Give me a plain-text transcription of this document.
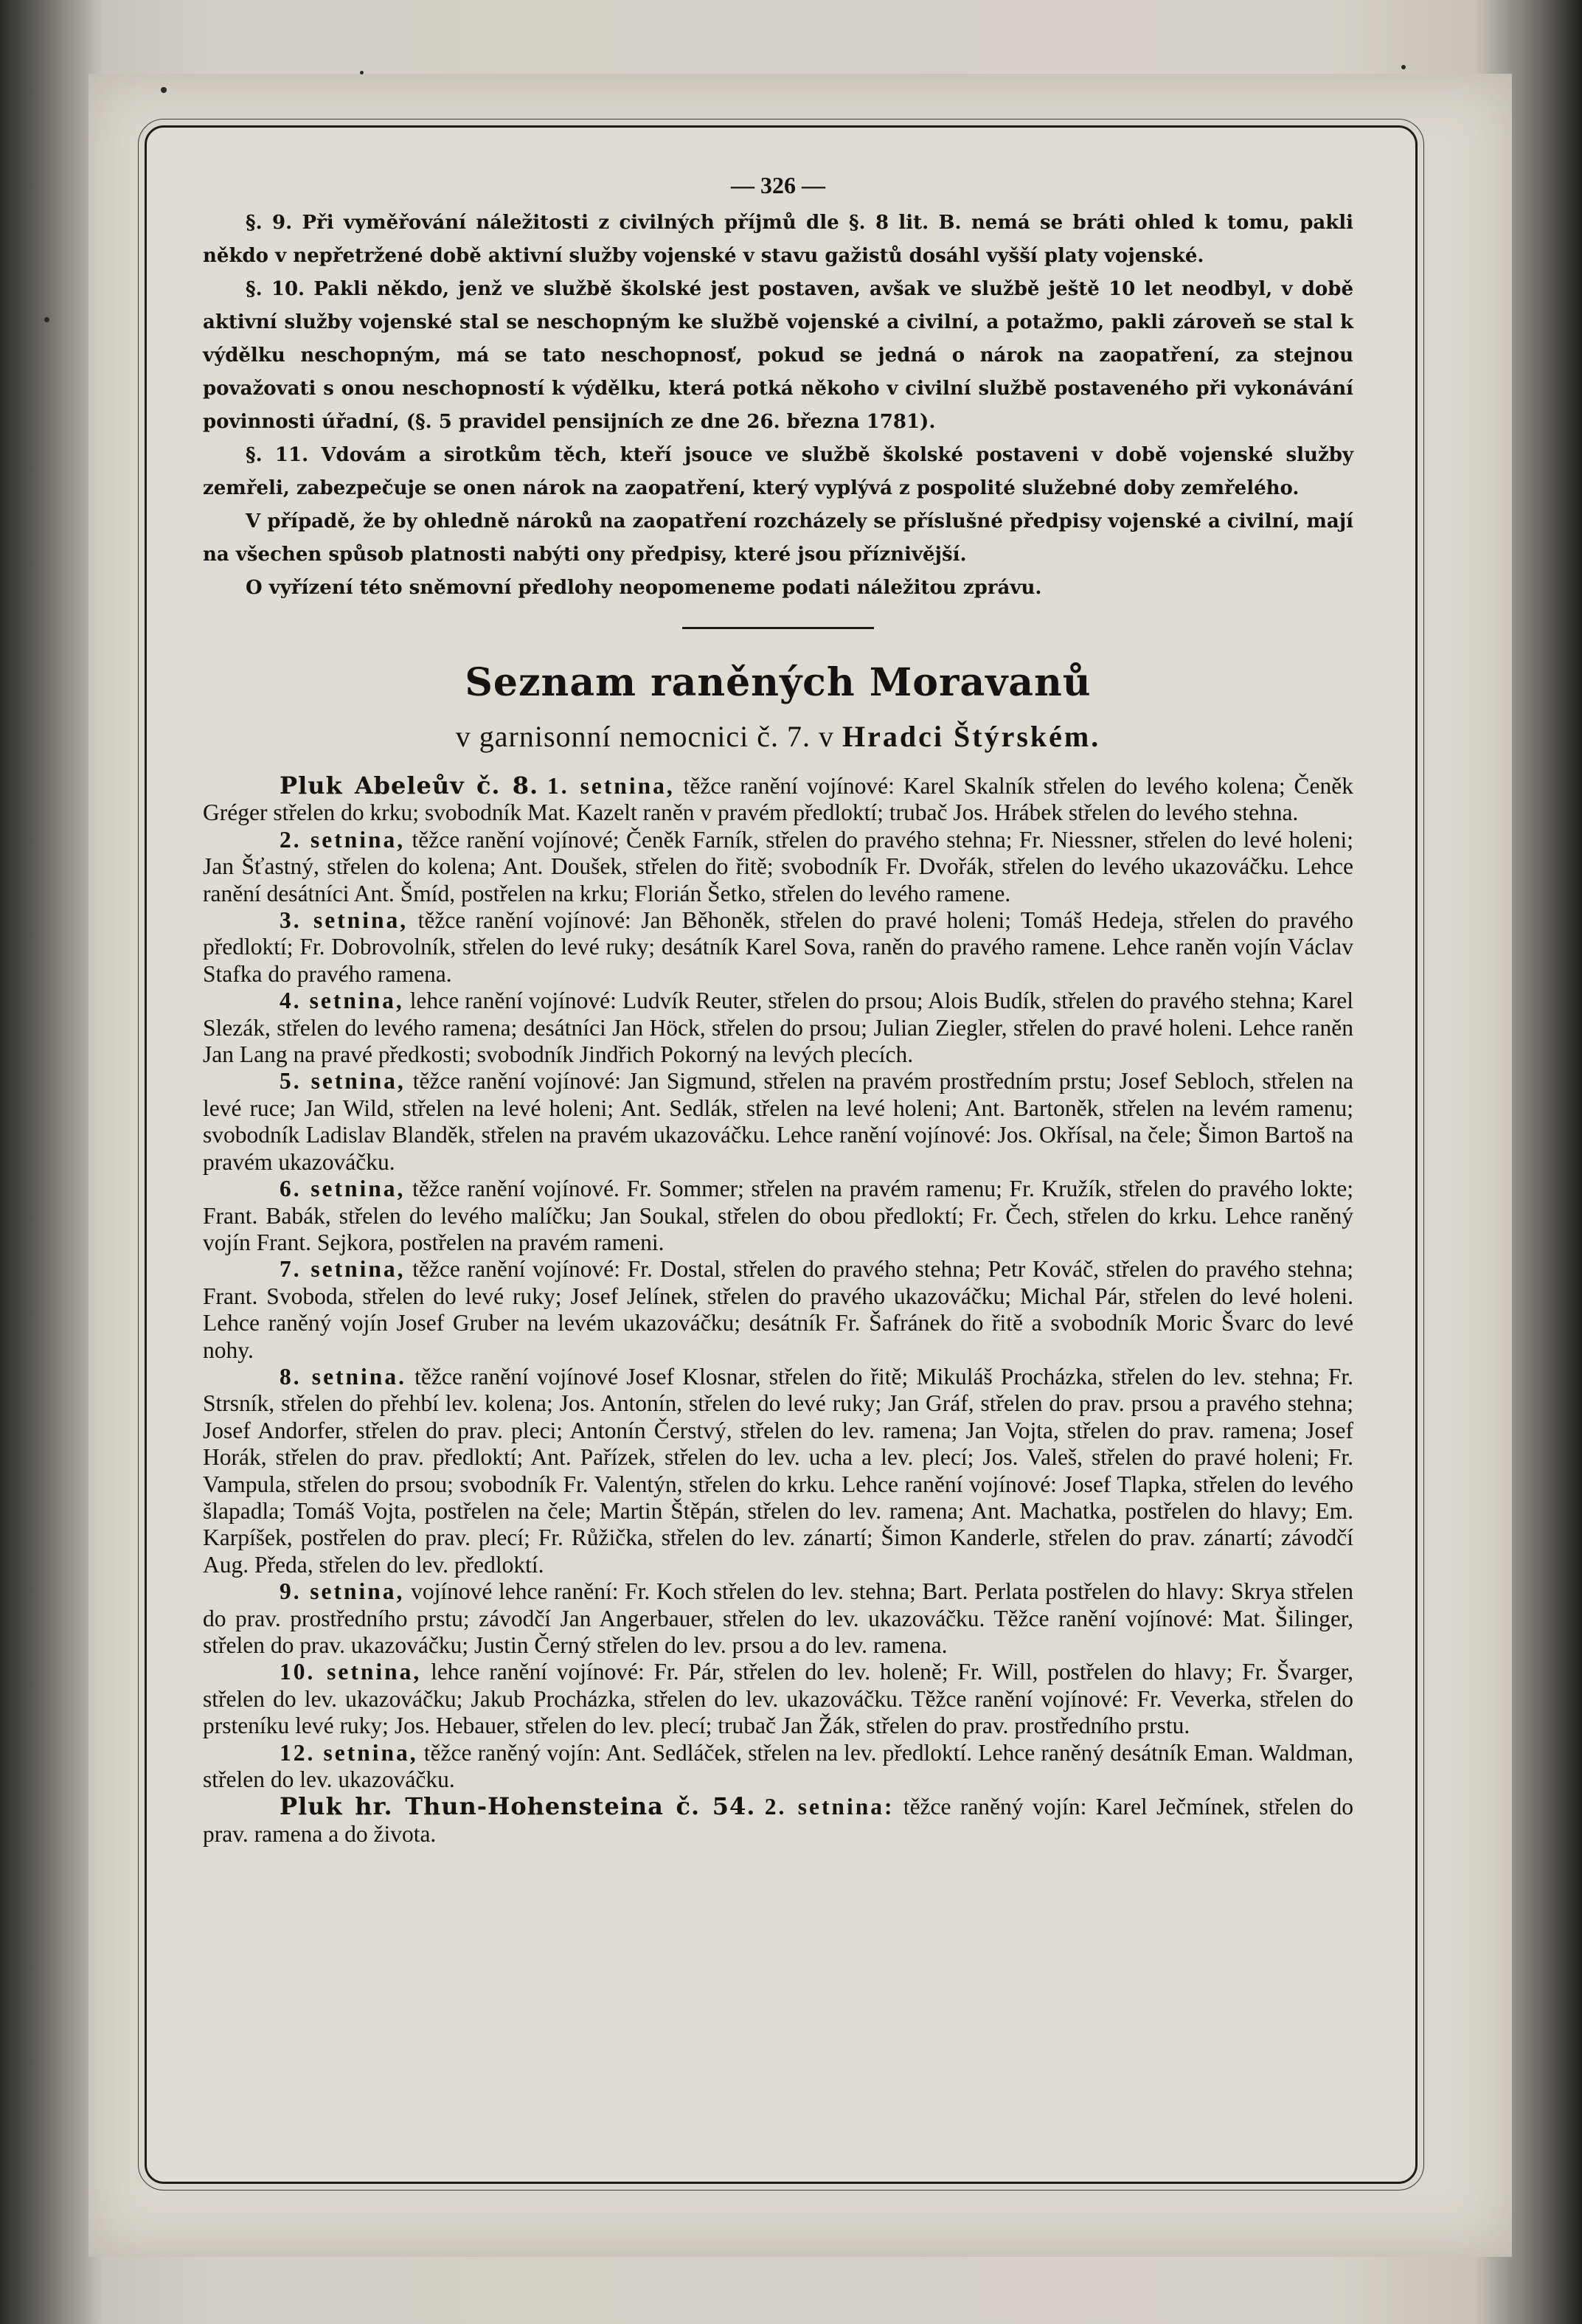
— 326 —

§. 9. Při vyměřování náležitosti z civilných příjmů dle §. 8 lit. B. nemá se bráti ohled k tomu, pakli někdo v nepřetržené době aktivní služby vojenské v stavu gažistů dosáhl vyšší platy vojenské.

§. 10. Pakli někdo, jenž ve službě školské jest postaven, avšak ve službě ještě 10 let neodbyl, v době aktivní služby vojenské stal se neschopným ke službě vojenské a civilní, a potažmo, pakli zároveň se stal k výdělku neschopným, má se tato neschopnosť, pokud se jedná o nárok na zaopatření, za stejnou považovati s onou neschopností k výdělku, která potká někoho v civilní službě postaveného při vykonávání povinnosti úřadní, (§. 5 pravidel pensijních ze dne 26. března 1781).

§. 11. Vdovám a sirotkům těch, kteří jsouce ve službě školské postaveni v době vojenské služby zemřeli, zabezpečuje se onen nárok na zaopatření, který vyplývá z pospolité služebné doby zemřelého.

V případě, že by ohledně nároků na zaopatření rozcházely se příslušné předpisy vojenské a civilní, mají na všechen spůsob platnosti nabýti ony předpisy, které jsou příznivější.

O vyřízení této sněmovní předlohy neopomeneme podati náležitou zprávu.

Seznam raněných Moravanů
v garnisonní nemocnici č. 7. v Hradci Štýrském.

Pluk Abeleův č. 8. 1. setnina, těžce ranění vojínové: Karel Skalník střelen do levého kolena; Čeněk Gréger střelen do krku; svobodník Mat. Kazelt raněn v pravém předloktí; trubač Jos. Hrábek střelen do levého stehna.

2. setnina, těžce ranění vojínové; Čeněk Farník, střelen do pravého stehna; Fr. Niessner, střelen do levé holeni; Jan Šťastný, střelen do kolena; Ant. Doušek, střelen do řitě; svobodník Fr. Dvořák, střelen do levého ukazováčku. Lehce ranění desátníci Ant. Šmíd, postřelen na krku; Florián Šetko, střelen do levého ramene.

3. setnina, těžce ranění vojínové: Jan Běhoněk, střelen do pravé holeni; Tomáš Hedeja, střelen do pravého předloktí; Fr. Dobrovolník, střelen do levé ruky; desátník Karel Sova, raněn do pravého ramene. Lehce raněn vojín Václav Stafka do pravého ramena.

4. setnina, lehce ranění vojínové: Ludvík Reuter, střelen do prsou; Alois Budík, střelen do pravého stehna; Karel Slezák, střelen do levého ramena; desátníci Jan Höck, střelen do prsou; Julian Ziegler, střelen do pravé holeni. Lehce raněn Jan Lang na pravé předkosti; svobodník Jindřich Pokorný na levých plecích.

5. setnina, těžce ranění vojínové: Jan Sigmund, střelen na pravém prostředním prstu; Josef Sebloch, střelen na levé ruce; Jan Wild, střelen na levé holeni; Ant. Sedlák, střelen na levé holeni; Ant. Bartoněk, střelen na levém ramenu; svobodník Ladislav Blanděk, střelen na pravém ukazováčku. Lehce ranění vojínové: Jos. Okřísal, na čele; Šimon Bartoš na pravém ukazováčku.

6. setnina, těžce ranění vojínové. Fr. Sommer; střelen na pravém ramenu; Fr. Kružík, střelen do pravého lokte; Frant. Babák, střelen do levého malíčku; Jan Soukal, střelen do obou předloktí; Fr. Čech, střelen do krku. Lehce raněný vojín Frant. Sejkora, postřelen na pravém rameni.

7. setnina, těžce ranění vojínové: Fr. Dostal, střelen do pravého stehna; Petr Kováč, střelen do pravého stehna; Frant. Svoboda, střelen do levé ruky; Josef Jelínek, střelen do pravého ukazováčku; Michal Pár, střelen do levé holeni. Lehce raněný vojín Josef Gruber na levém ukazováčku; desátník Fr. Šafránek do řitě a svobodník Moric Švarc do levé nohy.

8. setnina. těžce ranění vojínové Josef Klosnar, střelen do řitě; Mikuláš Procházka, střelen do lev. stehna; Fr. Strsník, střelen do přehbí lev. kolena; Jos. Antonín, střelen do levé ruky; Jan Gráf, střelen do prav. prsou a pravého stehna; Josef Andorfer, střelen do prav. pleci; Antonín Čerstvý, střelen do lev. ramena; Jan Vojta, střelen do prav. ramena; Josef Horák, střelen do prav. předloktí; Ant. Pařízek, střelen do lev. ucha a lev. plecí; Jos. Valeš, střelen do pravé holeni; Fr. Vampula, střelen do prsou; svobodník Fr. Valentýn, střelen do krku. Lehce ranění vojínové: Josef Tlapka, střelen do levého šlapadla; Tomáš Vojta, postřelen na čele; Martin Štěpán, střelen do lev. ramena; Ant. Machatka, postřelen do hlavy; Em. Karpíšek, postřelen do prav. plecí; Fr. Růžička, střelen do lev. zánartí; Šimon Kanderle, střelen do prav. zánartí; závodčí Aug. Předa, střelen do lev. předloktí.

9. setnina, vojínové lehce ranění: Fr. Koch střelen do lev. stehna; Bart. Perlata postřelen do hlavy: Skrya střelen do prav. prostředního prstu; závodčí Jan Angerbauer, střelen do lev. ukazováčku. Těžce ranění vojínové: Mat. Šilinger, střelen do prav. ukazováčku; Justin Černý střelen do lev. prsou a do lev. ramena.

10. setnina, lehce ranění vojínové: Fr. Pár, střelen do lev. holeně; Fr. Will, postřelen do hlavy; Fr. Švarger, střelen do lev. ukazováčku; Jakub Procházka, střelen do lev. ukazováčku. Těžce ranění vojínové: Fr. Veverka, střelen do prsteníku levé ruky; Jos. Hebauer, střelen do lev. plecí; trubač Jan Žák, střelen do prav. prostředního prstu.

12. setnina, těžce raněný vojín: Ant. Sedláček, střelen na lev. předloktí. Lehce raněný desátník Eman. Waldman, střelen do lev. ukazováčku.

Pluk hr. Thun-Hohensteina č. 54. 2. setnina: těžce raněný vojín: Karel Ječmínek, střelen do prav. ramena a do života.
